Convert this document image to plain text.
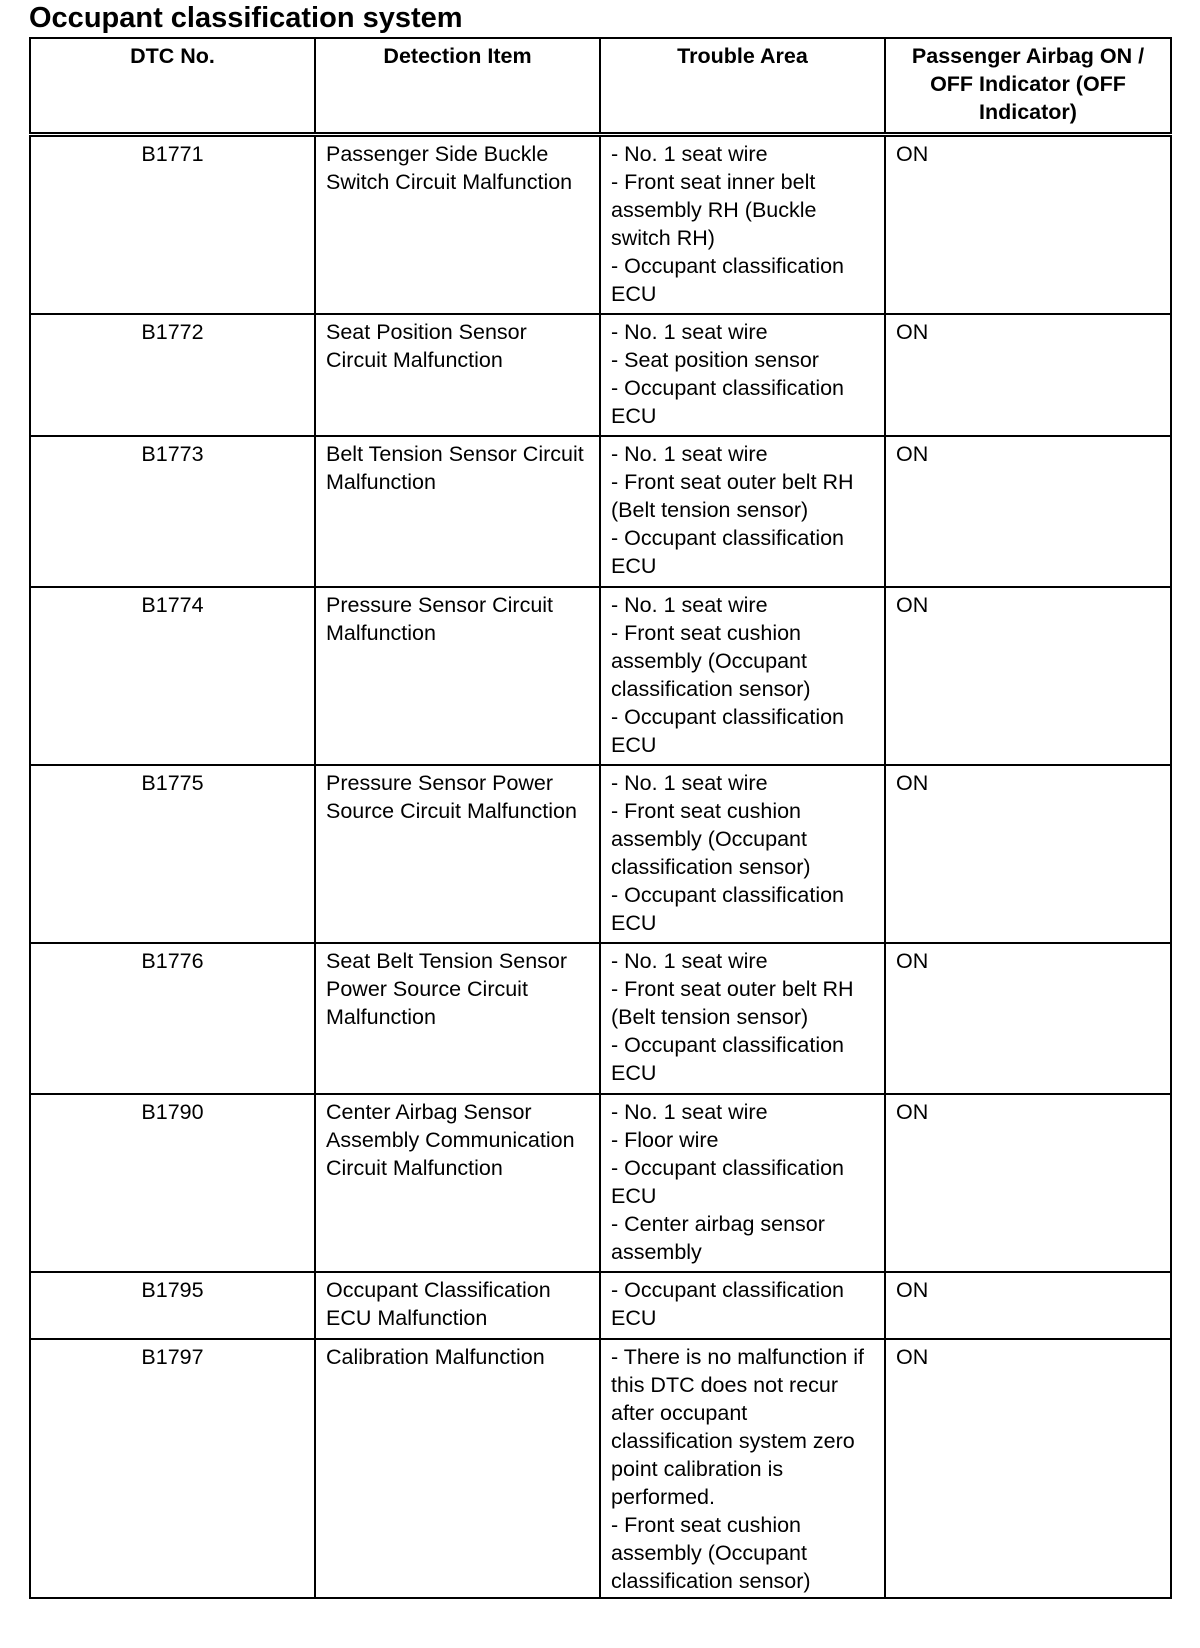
Occupant classification system
DTC No.	Detection Item	Trouble Area	Passenger Airbag ON / OFF Indicator (OFF Indicator)
B1771	Passenger Side Buckle Switch Circuit Malfunction	- No. 1 seat wire
- Front seat inner belt assembly RH (Buckle switch RH)
- Occupant classification ECU	ON
B1772	Seat Position Sensor Circuit Malfunction	- No. 1 seat wire
- Seat position sensor
- Occupant classification ECU	ON
B1773	Belt Tension Sensor Circuit Malfunction	- No. 1 seat wire
- Front seat outer belt RH (Belt tension sensor)
- Occupant classification ECU	ON
B1774	Pressure Sensor Circuit Malfunction	- No. 1 seat wire
- Front seat cushion assembly (Occupant classification sensor)
- Occupant classification ECU	ON
B1775	Pressure Sensor Power Source Circuit Malfunction	- No. 1 seat wire
- Front seat cushion assembly (Occupant classification sensor)
- Occupant classification ECU	ON
B1776	Seat Belt Tension Sensor Power Source Circuit Malfunction	- No. 1 seat wire
- Front seat outer belt RH (Belt tension sensor)
- Occupant classification ECU	ON
B1790	Center Airbag Sensor Assembly Communication Circuit Malfunction	- No. 1 seat wire
- Floor wire
- Occupant classification ECU
- Center airbag sensor assembly	ON
B1795	Occupant Classification ECU Malfunction	- Occupant classification ECU	ON
B1797	Calibration Malfunction	- There is no malfunction if this DTC does not recur after occupant classification system zero point calibration is performed.
- Front seat cushion assembly (Occupant classification sensor)	ON
